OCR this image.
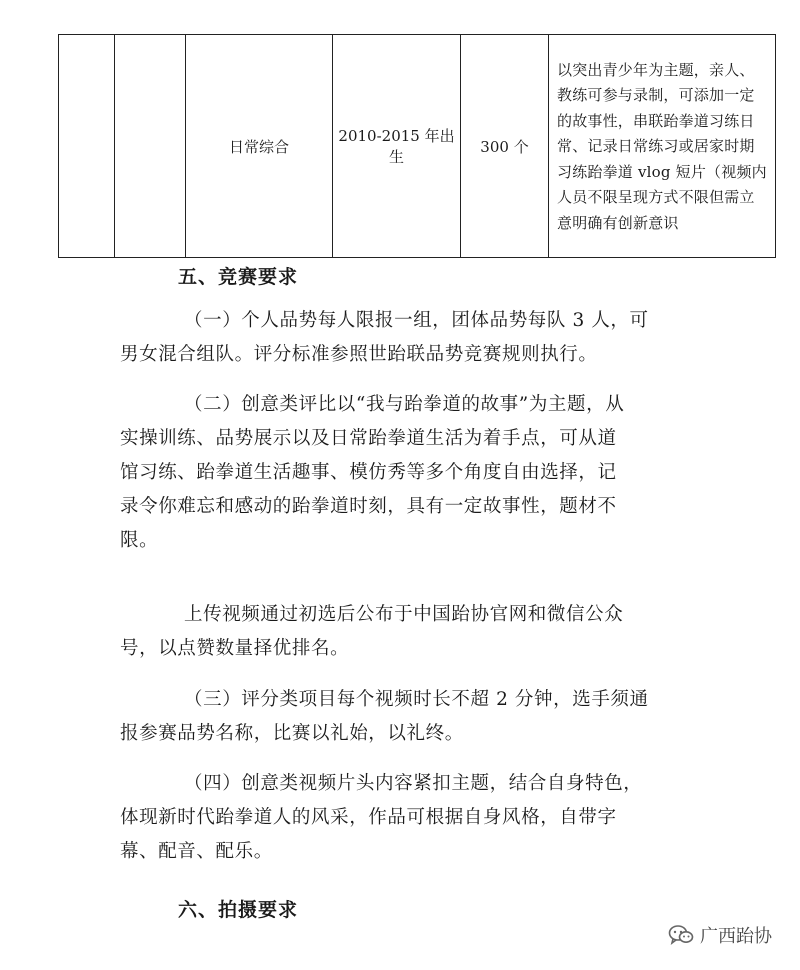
		日常综合	2010-2015 年出生	300 个	
以突出青少年为主题，亲人、
教练可参与录制，可添加一定
的故事性，串联跆拳道习练日
常、记录日常练习或居家时期
习练跆拳道 vlog 短片（视频内
人员不限呈现方式不限但需立
意明确有创新意识
五、竞赛要求
（一）个人品势每人限报一组，团体品势每队 3 人，可
男女混合组队。评分标准参照世跆联品势竞赛规则执行。
（二）创意类评比以“我与跆拳道的故事”为主题，从
实操训练、品势展示以及日常跆拳道生活为着手点，可从道
馆习练、跆拳道生活趣事、模仿秀等多个角度自由选择，记
录令你难忘和感动的跆拳道时刻，具有一定故事性，题材不
限。
上传视频通过初选后公布于中国跆协官网和微信公众
号，以点赞数量择优排名。
（三）评分类项目每个视频时长不超 2 分钟，选手须通
报参赛品势名称，比赛以礼始，以礼终。
（四）创意类视频片头内容紧扣主题，结合自身特色，
体现新时代跆拳道人的风采，作品可根据自身风格，自带字
幕、配音、配乐。
六、拍摄要求
广西跆协
